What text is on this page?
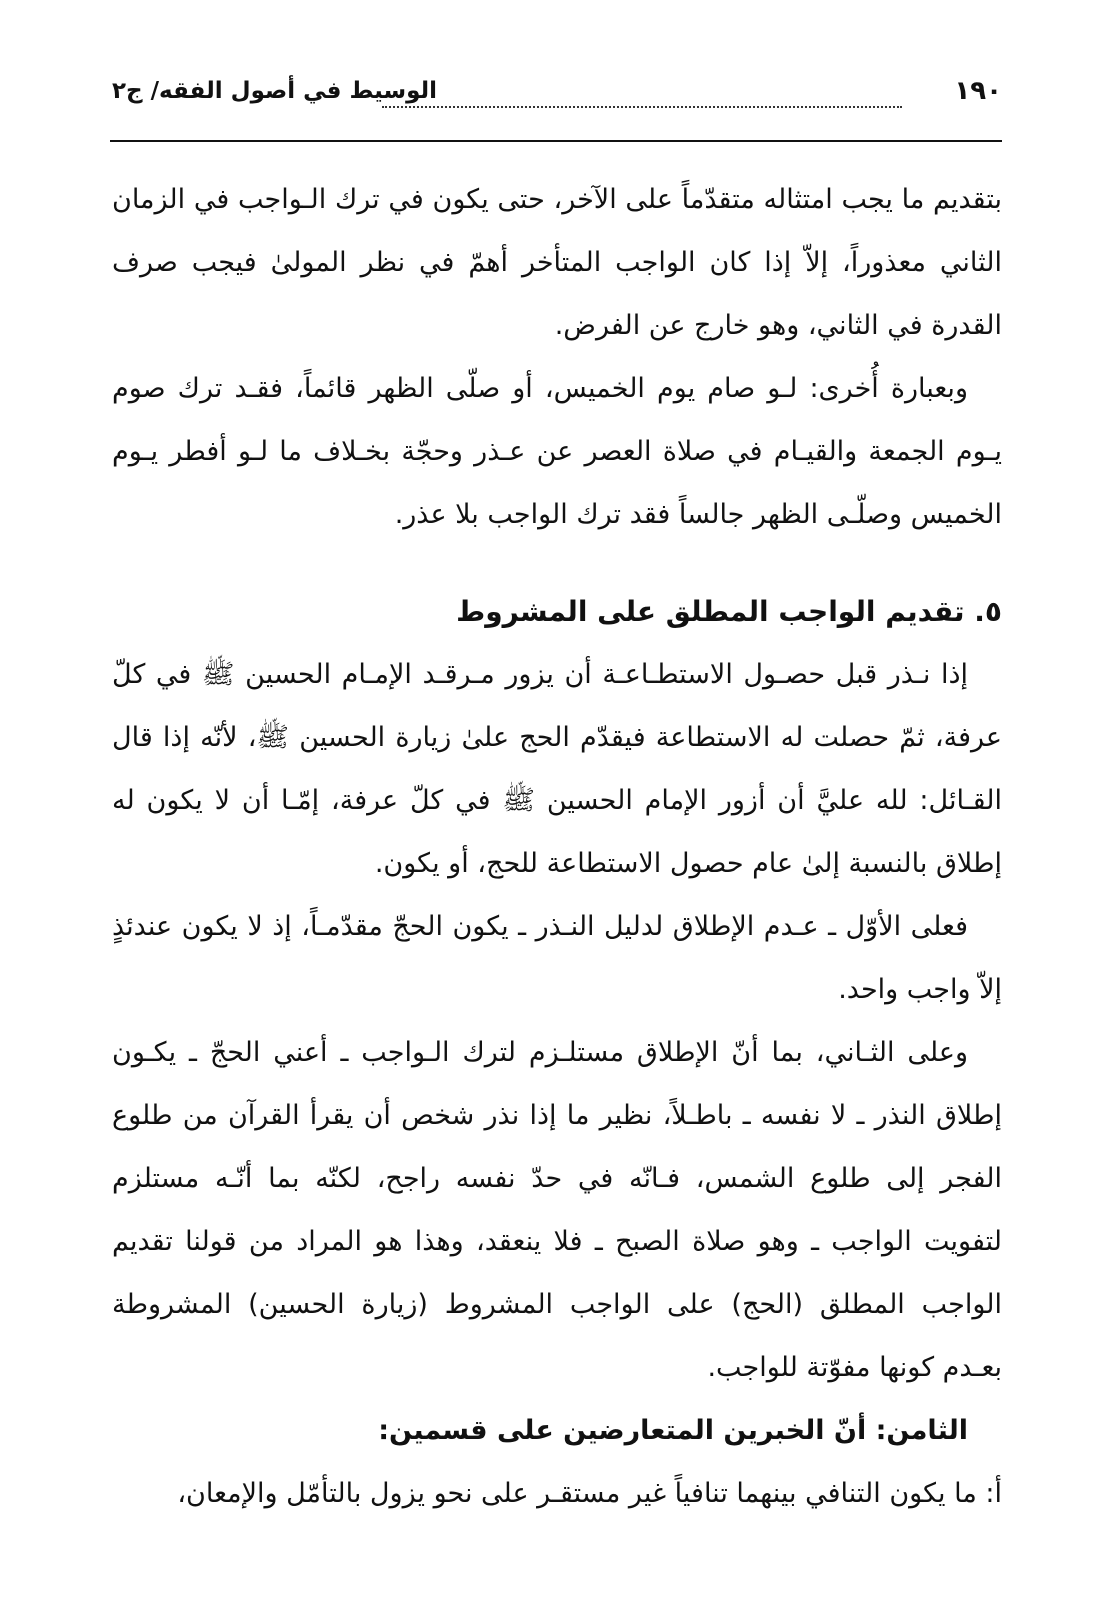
الوسيط في أصول الفقه/ ج٢	١٩٠

بتقديم ما يجب امتثاله متقدّماً على الآخر، حتى يكون في ترك الـواجب في الزمان الثاني معذوراً، إلاّ إذا كان الواجب المتأخر أهمّ في نظر المولىٰ فيجب صرف القدرة في الثاني، وهو خارج عن الفرض.

وبعبارة أُخرى: لـو صام يوم الخميس، أو صلّى الظهر قائماً، فقـد ترك صوم يـوم الجمعة والقيـام في صلاة العصر عن عـذر وحجّة بخـلاف ما لـو أفطر يـوم الخميس وصلّـى الظهر جالساً فقد ترك الواجب بلا عذر.

٥. تقديم الواجب المطلق على المشروط

إذا نـذر قبل حصـول الاستطـاعـة أن يزور مـرقـد الإمـام الحسين ﷺ في كلّ عرفة، ثمّ حصلت له الاستطاعة فيقدّم الحج علىٰ زيارة الحسين ﷺ، لأنّه إذا قال القـائل: لله عليَّ أن أزور الإمام الحسين ﷺ في كلّ عرفة، إمّـا أن لا يكون له إطلاق بالنسبة إلىٰ عام حصول الاستطاعة للحج، أو يكون.

فعلى الأوّل ـ عـدم الإطلاق لدليل النـذر ـ يكون الحجّ مقدّمـاً، إذ لا يكون عندئذٍ إلاّ واجب واحد.

وعلى الثـاني، بما أنّ الإطلاق مستلـزم لترك الـواجب ـ أعني الحجّ ـ يكـون إطلاق النذر ـ لا نفسه ـ باطـلاً، نظير ما إذا نذر شخص أن يقرأ القرآن من طلوع الفجر إلى طلوع الشمس، فـانّه في حدّ نفسه راجح، لكنّه بما أنّـه مستلزم لتفويت الواجب ـ وهو صلاة الصبح ـ فلا ينعقد، وهذا هو المراد من قولنا تقديم الواجب المطلق (الحج) على الواجب المشروط (زيارة الحسين) المشروطة بعـدم كونها مفوّتة للواجب.

الثامن: أنّ الخبرين المتعارضين على قسمين:

أ: ما يكون التنافي بينهما تنافياً غير مستقـر على نحو يزول بالتأمّل والإمعان،
